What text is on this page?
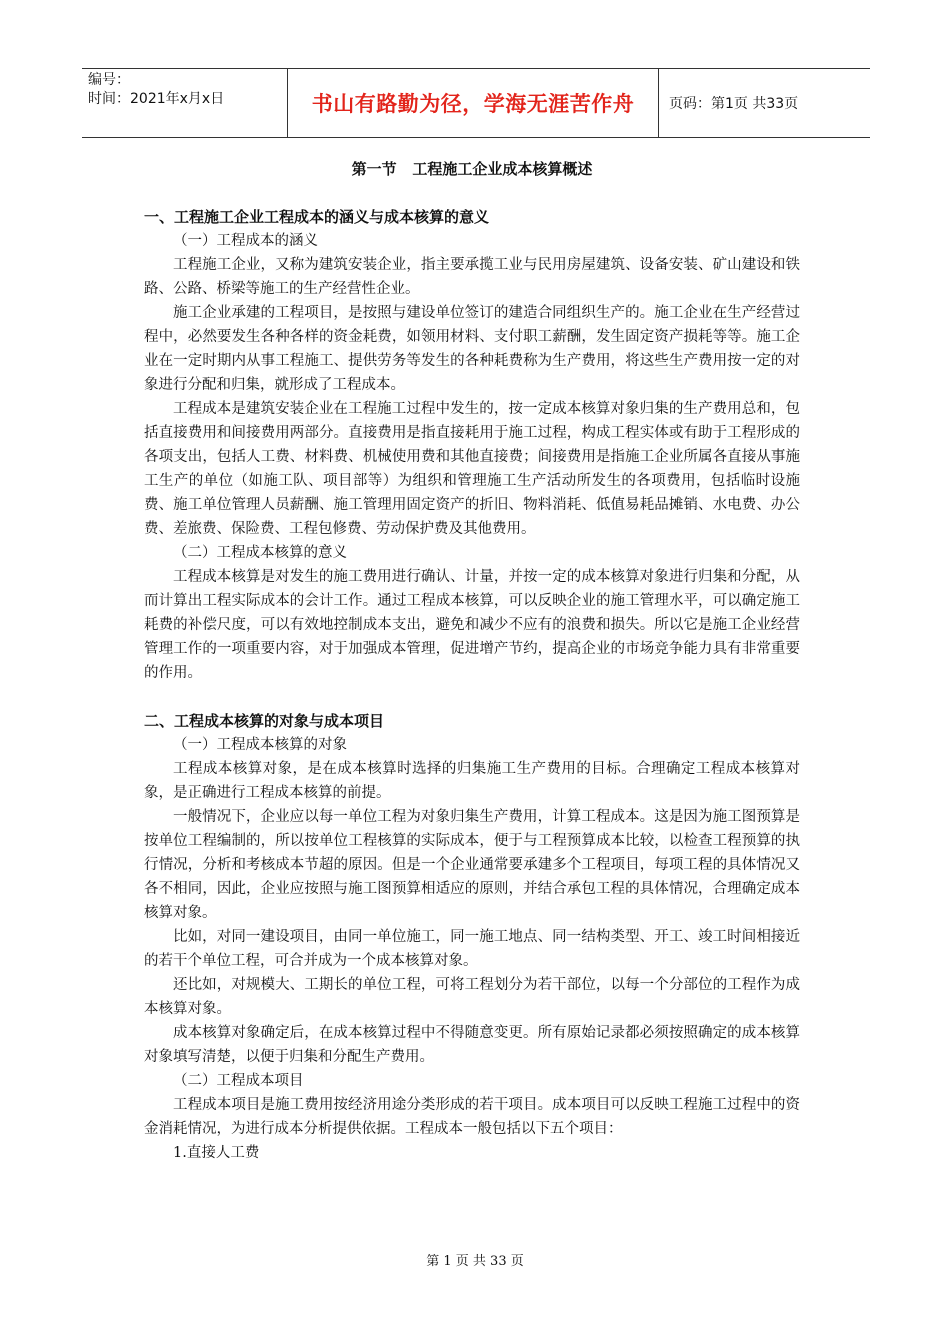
编号：
时间：2021年x月x日	书山有路勤为径，学海无涯苦作舟	页码：第1页 共33页
第一节   工程施工企业成本核算概述

一、工程施工企业工程成本的涵义与成本核算的意义

（一）工程成本的涵义

工程施工企业，又称为建筑安装企业，指主要承揽工业与民用房屋建筑、设备安装、矿山建设和铁路、公路、桥梁等施工的生产经营性企业。

施工企业承建的工程项目，是按照与建设单位签订的建造合同组织生产的。施工企业在生产经营过程中，必然要发生各种各样的资金耗费，如领用材料、支付职工薪酬，发生固定资产损耗等等。施工企业在一定时期内从事工程施工、提供劳务等发生的各种耗费称为生产费用，将这些生产费用按一定的对象进行分配和归集，就形成了工程成本。

工程成本是建筑安装企业在工程施工过程中发生的，按一定成本核算对象归集的生产费用总和，包括直接费用和间接费用两部分。直接费用是指直接耗用于施工过程，构成工程实体或有助于工程形成的各项支出，包括人工费、材料费、机械使用费和其他直接费；间接费用是指施工企业所属各直接从事施工生产的单位（如施工队、项目部等）为组织和管理施工生产活动所发生的各项费用，包括临时设施费、施工单位管理人员薪酬、施工管理用固定资产的折旧、物料消耗、低值易耗品摊销、水电费、办公费、差旅费、保险费、工程包修费、劳动保护费及其他费用。

（二）工程成本核算的意义

工程成本核算是对发生的施工费用进行确认、计量，并按一定的成本核算对象进行归集和分配，从而计算出工程实际成本的会计工作。通过工程成本核算，可以反映企业的施工管理水平，可以确定施工耗费的补偿尺度，可以有效地控制成本支出，避免和减少不应有的浪费和损失。所以它是施工企业经营管理工作的一项重要内容，对于加强成本管理，促进增产节约，提高企业的市场竞争能力具有非常重要的作用。

二、工程成本核算的对象与成本项目

（一）工程成本核算的对象

工程成本核算对象，是在成本核算时选择的归集施工生产费用的目标。合理确定工程成本核算对象，是正确进行工程成本核算的前提。

一般情况下，企业应以每一单位工程为对象归集生产费用，计算工程成本。这是因为施工图预算是按单位工程编制的，所以按单位工程核算的实际成本，便于与工程预算成本比较，以检查工程预算的执行情况，分析和考核成本节超的原因。但是一个企业通常要承建多个工程项目，每项工程的具体情况又各不相同，因此，企业应按照与施工图预算相适应的原则，并结合承包工程的具体情况，合理确定成本核算对象。

比如，对同一建设项目，由同一单位施工，同一施工地点、同一结构类型、开工、竣工时间相接近的若干个单位工程，可合并成为一个成本核算对象。

还比如，对规模大、工期长的单位工程，可将工程划分为若干部位，以每一个分部位的工程作为成本核算对象。

成本核算对象确定后，在成本核算过程中不得随意变更。所有原始记录都必须按照确定的成本核算对象填写清楚，以便于归集和分配生产费用。

（二）工程成本项目

工程成本项目是施工费用按经济用途分类形成的若干项目。成本项目可以反映工程施工过程中的资金消耗情况，为进行成本分析提供依据。工程成本一般包括以下五个项目：

1.直接人工费

第 1 页 共 33 页
